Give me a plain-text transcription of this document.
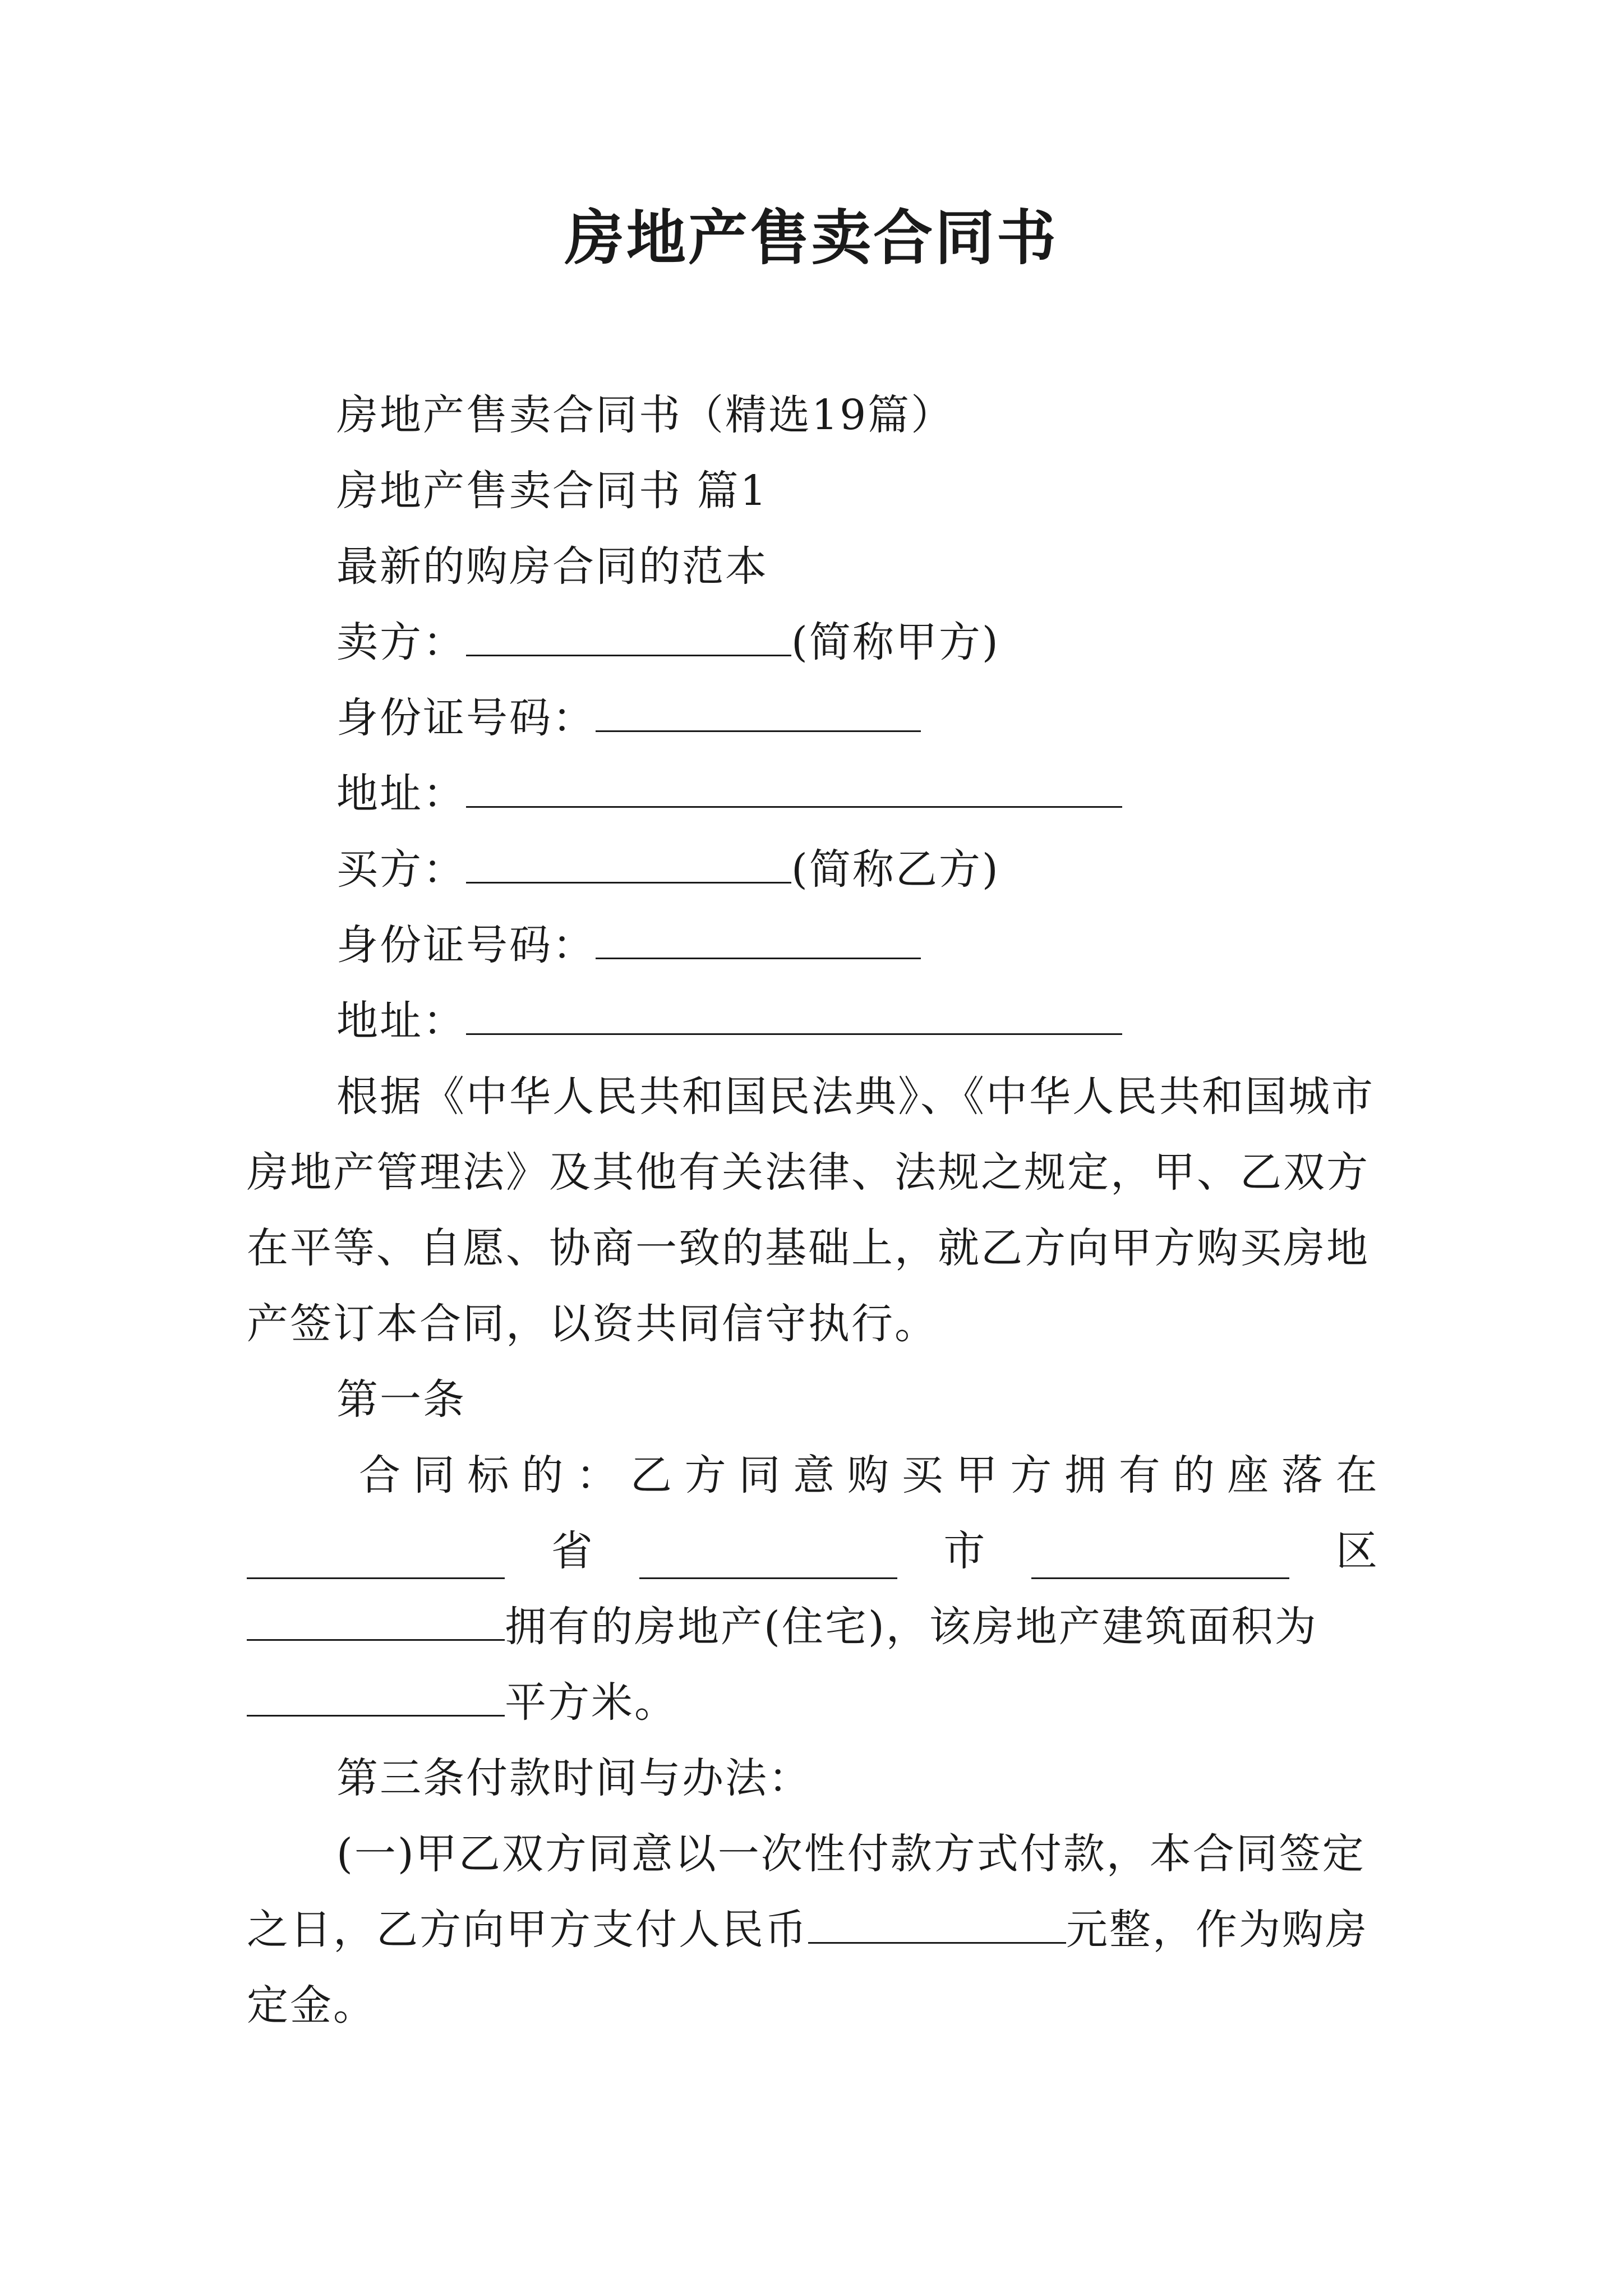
房地产售卖合同书
房地产售卖合同书（精选19篇）
房地产售卖合同书 篇1
最新的购房合同的范本
卖方：	(简称甲方)
身份证号码：
地址：
买方：	(简称乙方)
身份证号码：
地址：
根据《中华人民共和国民法典》、《中华人民共和国城市
房地产管理法》及其他有关法律、法规之规定，甲、乙双方
在平等、自愿、协商一致的基础上，就乙方向甲方购买房地
产签订本合同，以资共同信守执行。
第一条
合 同 标 的 ： 乙 方 同 意 购 买 甲 方 拥 有 的 座 落 在
省	市	区
拥有的房地产(住宅)，该房地产建筑面积为
平方米。
第三条付款时间与办法：
(一)甲乙双方同意以一次性付款方式付款，本合同签定
之日，乙方向甲方支付人民币	元整，作为购房
定金。
